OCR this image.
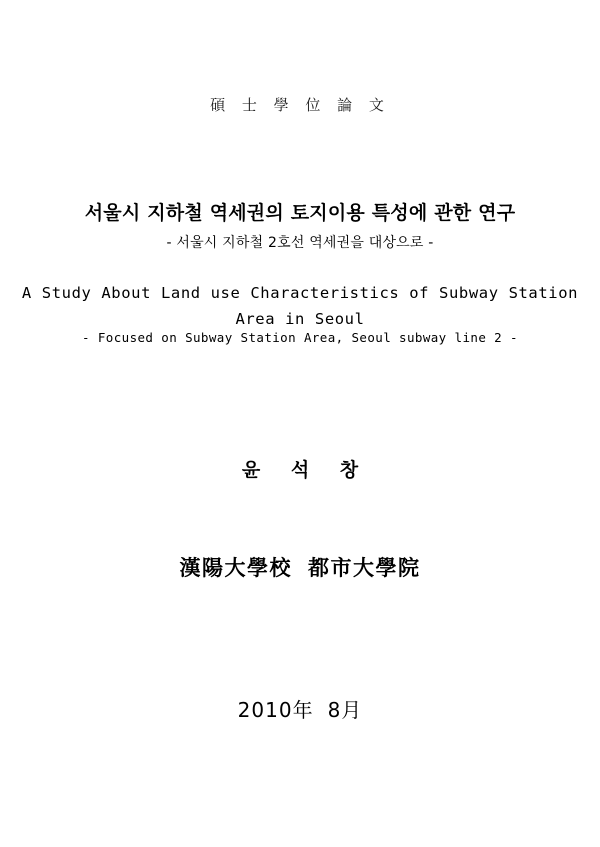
碩 士 學 位 論 文
서울시 지하철 역세권의 토지이용 특성에 관한 연구
- 서울시 지하철 2호선 역세권을 대상으로 -
A Study About Land use Characteristics of Subway Station
Area in Seoul
- Focused on Subway Station Area, Seoul subway line 2 -
윤 석 창
漢陽大學校 都市大學院
2010年 8月
